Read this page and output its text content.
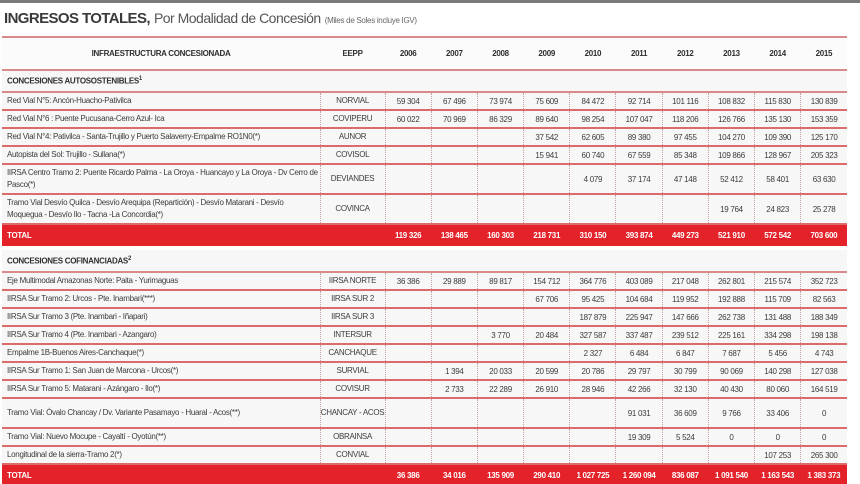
INGRESOS TOTALES, Por Modalidad de Concesión (Miles de Soles incluye IGV)
INFRAESTRUCTURA CONCESIONADA	EEPP	2006	2007	2008	2009	2010	2011	2012	2013	2014	2015
CONCESIONES AUTOSOSTENIBLES$^1$
Red Vial N°5: Ancón-Huacho-Pativilca	NORVIAL	59 304	67 496	73 974	75 609	84 472	92 714	101 116	108 832	115 830	130 839
Red Vial N°6 : Puente Pucusana-Cerro Azul- Ica	COVIPERU	60 022	70 969	86 329	89 640	98 254	107 047	118 206	126 766	135 130	153 359
Red Vial N°4: Pativilca - Santa-Trujillo y Puerto Salaverry-Empalme RO1N0(*)	AUNOR				37 542	62 605	89 380	97 455	104 270	109 390	125 170
Autopista del Sol: Trujillo - Sullana(*)	COVISOL				15 941	60 740	67 559	85 348	109 866	128 967	205 323
IIRSA Centro Tramo 2: Puente Ricardo Palma - La Oroya - Huancayo y La Oroya - Dv Cerro de Pasco(*)	DEVIANDES					4 079	37 174	47 148	52 412	58 401	63 630
Tramo Vial Desvío Quilca - Desvío Arequipa (Repartición) - Desvío Matarani - Desvío Moquegua - Desvío Ilo - Tacna -La Concordia(*)	COVINCA								19 764	24 823	25 278
TOTAL		119 326	138 465	160 303	218 731	310 150	393 874	449 273	521 910	572 542	703 600

CONCESIONES COFINANCIADAS$^2$
Eje Multimodal Amazonas Norte: Paita - Yurimaguas	IIRSA NORTE	36 386	29 889	89 817	154 712	364 776	403 089	217 048	262 801	215 574	352 723
IIRSA Sur Tramo 2: Urcos - Pte. Inambari(***)	IIRSA SUR 2				67 706	95 425	104 684	119 952	192 888	115 709	82 563
IIRSA Sur Tramo 3 (Pte. Inambari - Iñapari)	IIRSA SUR 3					187 879	225 947	147 666	262 738	131 488	188 349
IIRSA Sur Tramo 4 (Pte. Inambari - Azangaro)	INTERSUR			3 770	20 484	327 587	337 487	239 512	225 161	334 298	198 138
Empalme 1B-Buenos Aires-Canchaque(*)	CANCHAQUE					2 327	6 484	6 847	7 687	5 456	4 743
IIRSA Sur Tramo 1: San Juan de Marcona - Urcos(*)	SURVIAL		1 394	20 033	20 599	20 786	29 797	30 799	90 069	140 298	127 038
IIRSA Sur Tramo 5: Matarani - Azángaro - Ilo(*)	COVISUR		2 733	22 289	26 910	28 946	42 266	32 130	40 430	80 060	164 519
Tramo Vial: Óvalo Chancay / Dv. Variante Pasamayo - Huaral - Acos(**)	CHANCAY - ACOS						91 031	36 609	9 766	33 406	0
Tramo Vial: Nuevo Mocupe - Cayaltí - Oyotún(**)	OBRAINSA						19 309	5 524	0	0	0
Longitudinal de la sierra-Tramo 2(*)	CONVIAL									107 253	265 300
TOTAL		36 386	34 016	135 909	290 410	1 027 725	1 260 094	836 087	1 091 540	1 163 543	1 383 373
